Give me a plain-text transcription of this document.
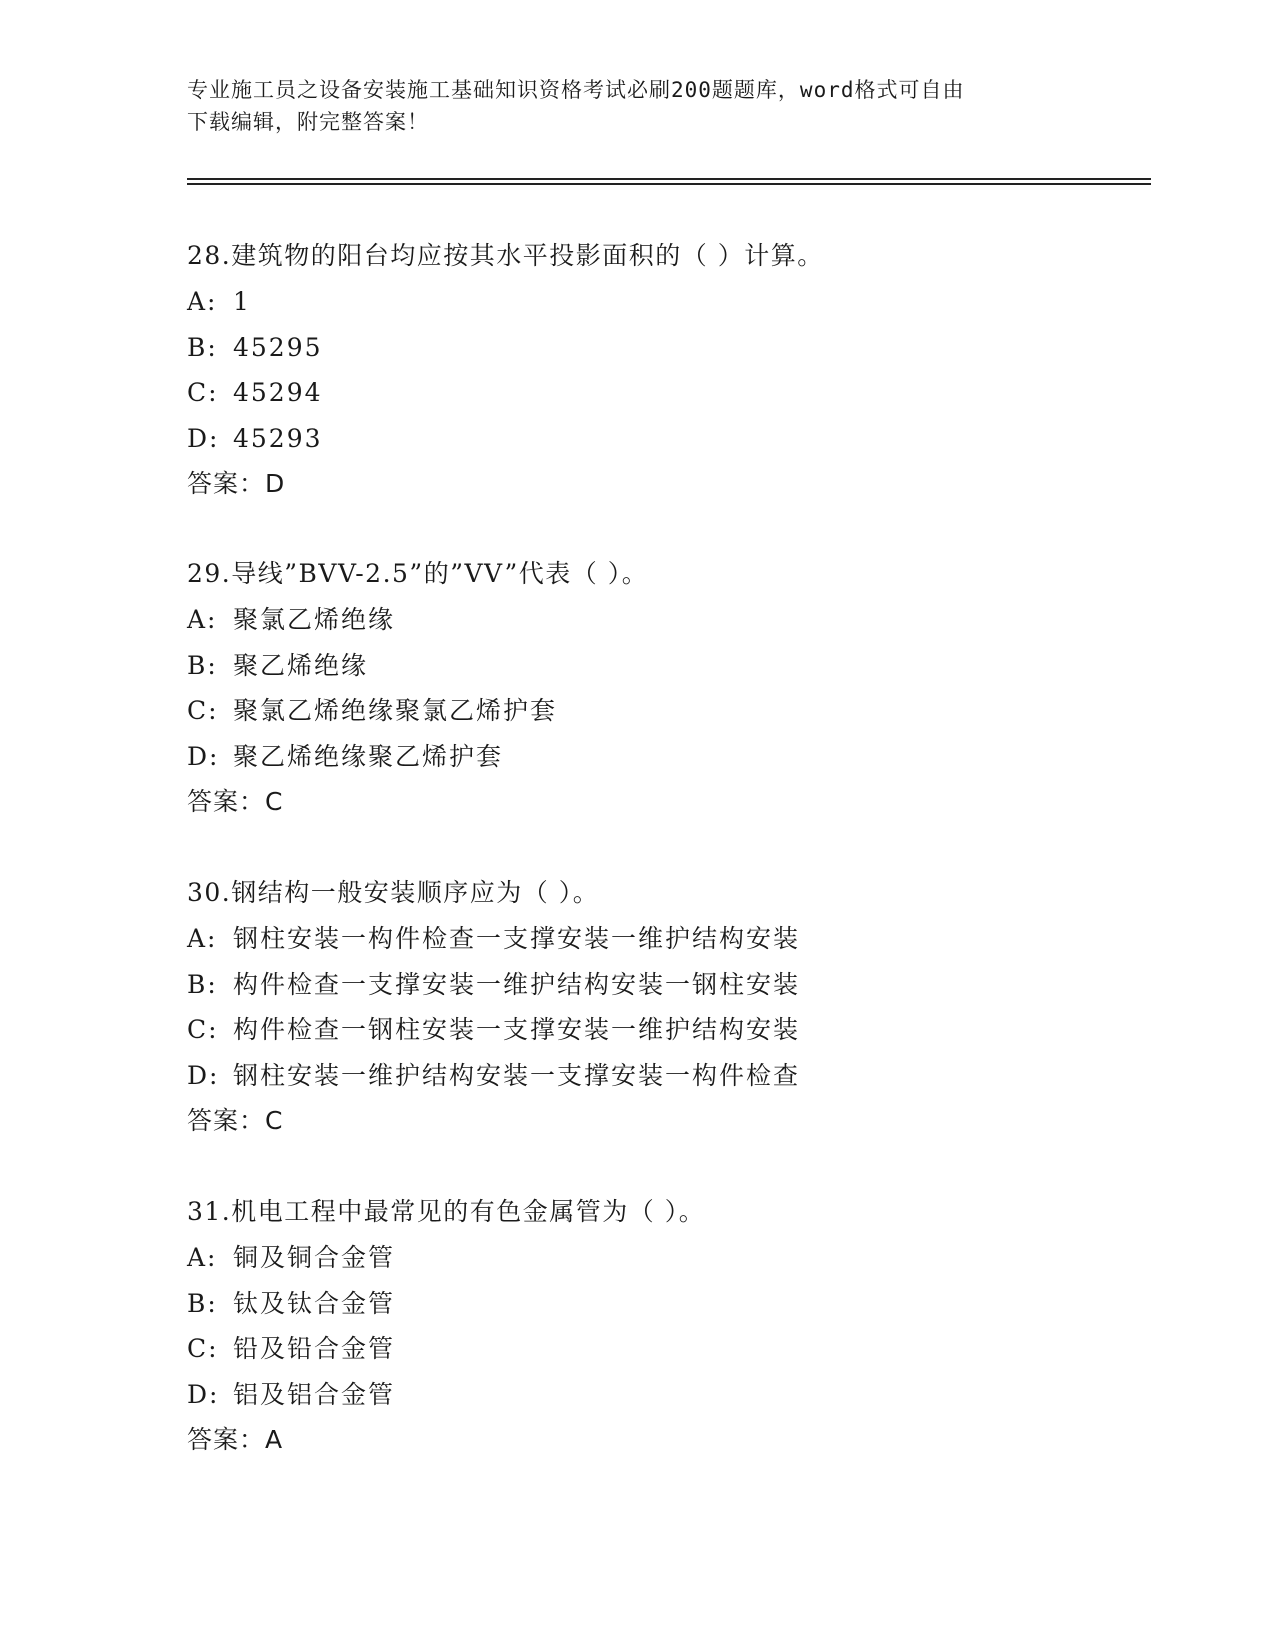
专业施工员之设备安装施工基础知识资格考试必刷200题题库，word格式可自由
下载编辑，附完整答案！
28.建筑物的阳台均应按其水平投影面积的（ ）计算。
A: 1
B: 45295
C: 45294
D: 45293
答案：D
29.导线”BVV-2.5”的”VV”代表（ ）。
A: 聚氯乙烯绝缘
B: 聚乙烯绝缘
C: 聚氯乙烯绝缘聚氯乙烯护套
D: 聚乙烯绝缘聚乙烯护套
答案：C
30.钢结构一般安装顺序应为（ ）。
A: 钢柱安装一构件检查一支撑安装一维护结构安装
B: 构件检查一支撑安装一维护结构安装一钢柱安装
C: 构件检查一钢柱安装一支撑安装一维护结构安装
D: 钢柱安装一维护结构安装一支撑安装一构件检查
答案：C
31.机电工程中最常见的有色金属管为（ ）。
A: 铜及铜合金管
B: 钛及钛合金管
C: 铅及铅合金管
D: 铝及铝合金管
答案：A
